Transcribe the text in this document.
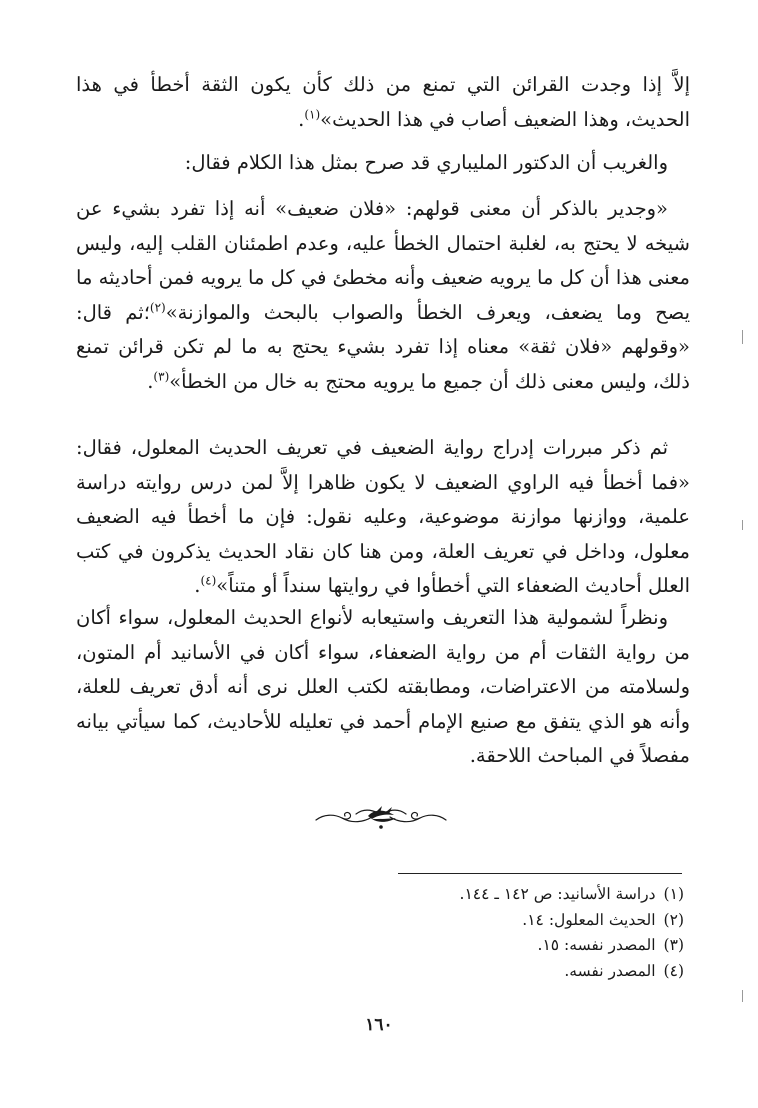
إلاَّ إذا وجدت القرائن التي تمنع من ذلك كأن يكون الثقة أخطأ في هذا الحديث، وهذا الضعيف أصاب في هذا الحديث»$^{(١)}$.

والغريب أن الدكتور المليباري قد صرح بمثل هذا الكلام فقال:

«وجدير بالذكر أن معنى قولهم: «فلان ضعيف» أنه إذا تفرد بشيء عن شيخه لا يحتج به، لغلبة احتمال الخطأ عليه، وعدم اطمئنان القلب إليه، وليس معنى هذا أن كل ما يرويه ضعيف وأنه مخطئ في كل ما يرويه فمن أحاديثه ما يصح وما يضعف، ويعرف الخطأ والصواب بالبحث والموازنة»$^{(٢)}$؛ثم قال: «وقولهم «فلان ثقة» معناه إذا تفرد بشيء يحتج به ما لم تكن قرائن تمنع ذلك، وليس معنى ذلك أن جميع ما يرويه محتج به خال من الخطأ»$^{(٣)}$.

ثم ذكر مبررات إدراج رواية الضعيف في تعريف الحديث المعلول، فقال: «فما أخطأ فيه الراوي الضعيف لا يكون ظاهرا إلاَّ لمن درس روايته دراسة علمية، ووازنها موازنة موضوعية، وعليه نقول: فإن ما أخطأ فيه الضعيف معلول، وداخل في تعريف العلة، ومن هنا كان نقاد الحديث يذكرون في كتب العلل أحاديث الضعفاء التي أخطأوا في روايتها سنداً أو متناً»$^{(٤)}$.

ونظراً لشمولية هذا التعريف واستيعابه لأنواع الحديث المعلول، سواء أكان من رواية الثقات أم من رواية الضعفاء، سواء أكان في الأسانيد أم المتون، ولسلامته من الاعتراضات، ومطابقته لكتب العلل نرى أنه أدق تعريف للعلة، وأنه هو الذي يتفق مع صنيع الإمام أحمد في تعليله للأحاديث، كما سيأتي بيانه مفصلاً في المباحث اللاحقة.

(١)دراسة الأسانيد: ص ١٤٢ ـ ١٤٤.
(٢)الحديث المعلول: ١٤.
(٣)المصدر نفسه: ١٥.
(٤)المصدر نفسه.
١٦٠
